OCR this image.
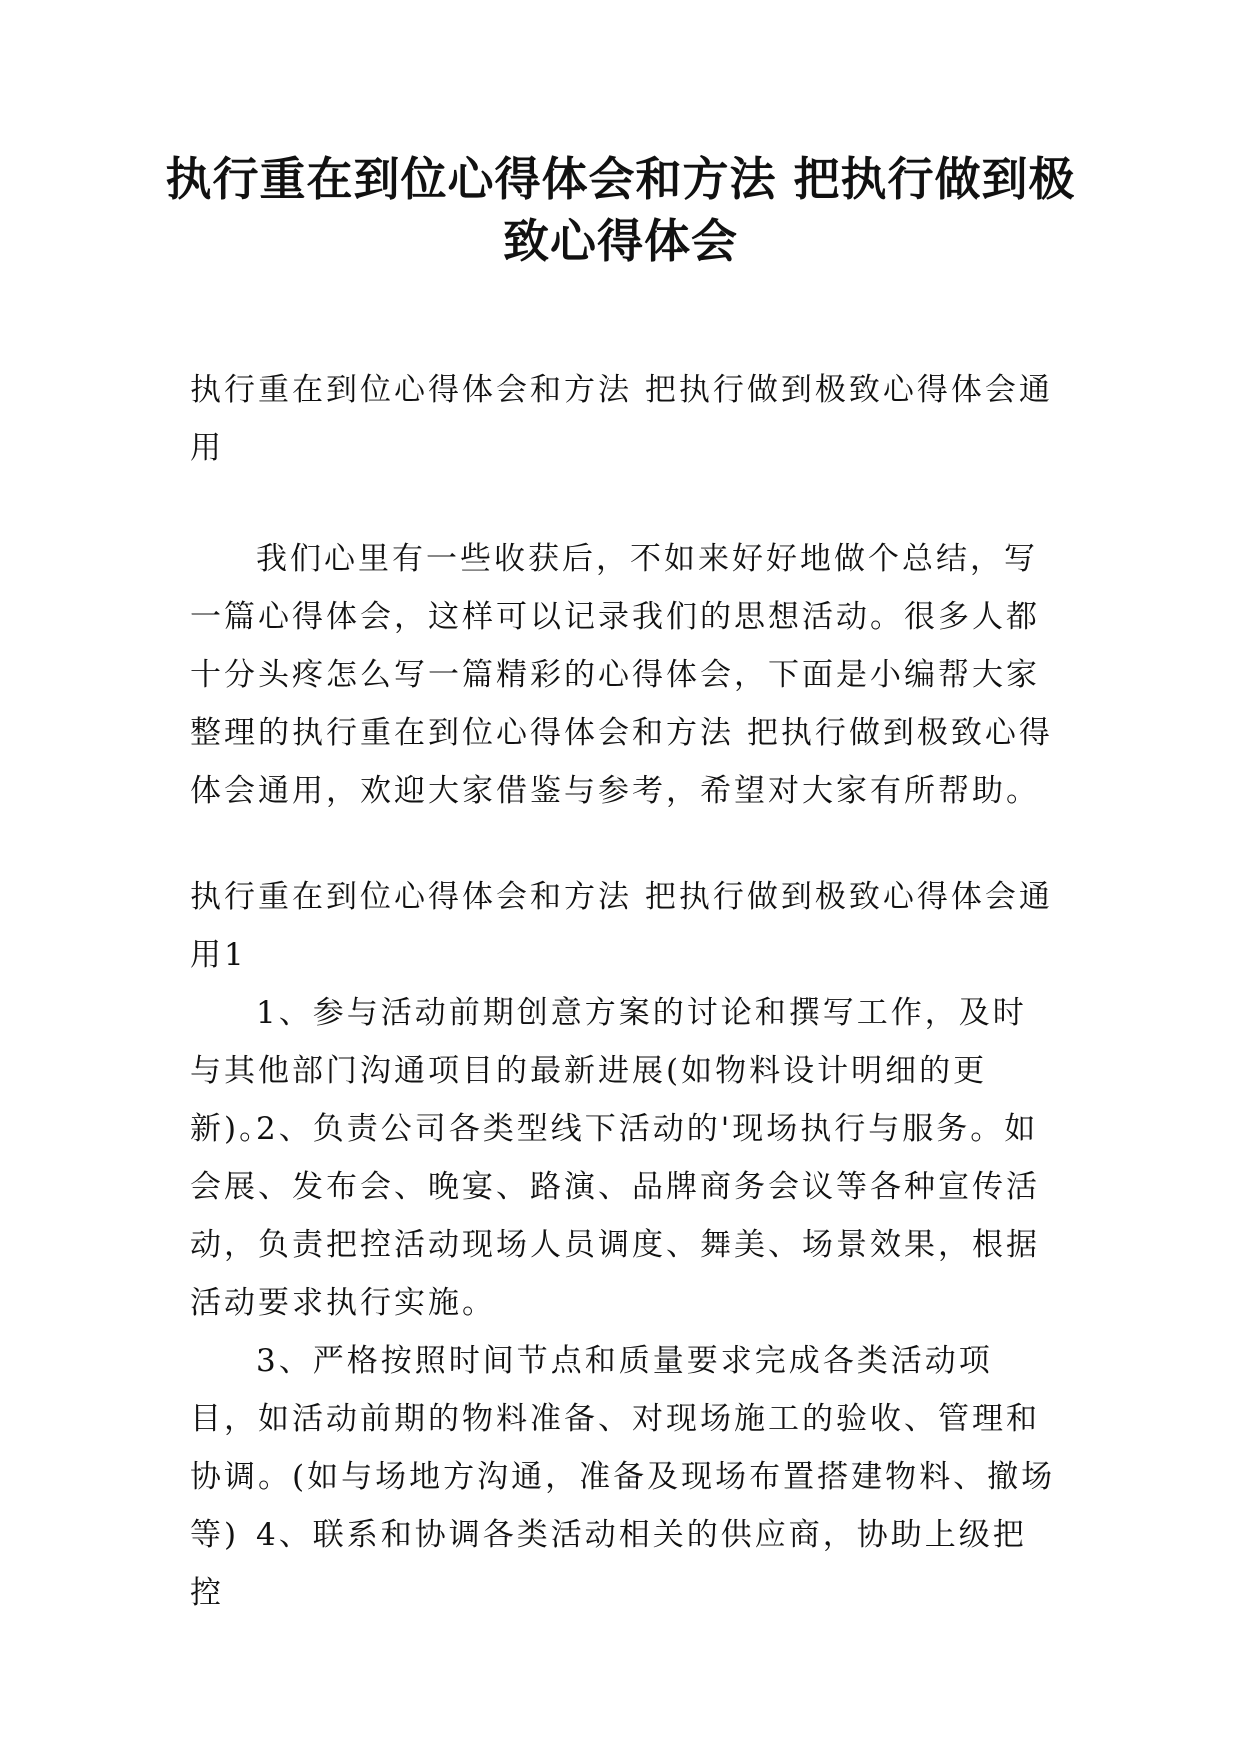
执行重在到位心得体会和方法 把执行做到极致心得体会

执行重在到位心得体会和方法 把执行做到极致心得体会通用

我们心里有一些收获后，不如来好好地做个总结，写一篇心得体会，这样可以记录我们的思想活动。很多人都十分头疼怎么写一篇精彩的心得体会，下面是小编帮大家整理的执行重在到位心得体会和方法 把执行做到极致心得体会通用，欢迎大家借鉴与参考，希望对大家有所帮助。

执行重在到位心得体会和方法 把执行做到极致心得体会通用1

1、参与活动前期创意方案的讨论和撰写工作，及时与其他部门沟通项目的最新进展(如物料设计明细的更新)。

2、负责公司各类型线下活动的'现场执行与服务。如会展、发布会、晚宴、路演、品牌商务会议等各种宣传活动，负责把控活动现场人员调度、舞美、场景效果，根据活动要求执行实施。

3、严格按照时间节点和质量要求完成各类活动项目，如活动前期的物料准备、对现场施工的验收、管理和协调。(如与场地方沟通，准备及现场布置搭建物料、撤场等) 4、联系和协调各类活动相关的供应商，协助上级把控
